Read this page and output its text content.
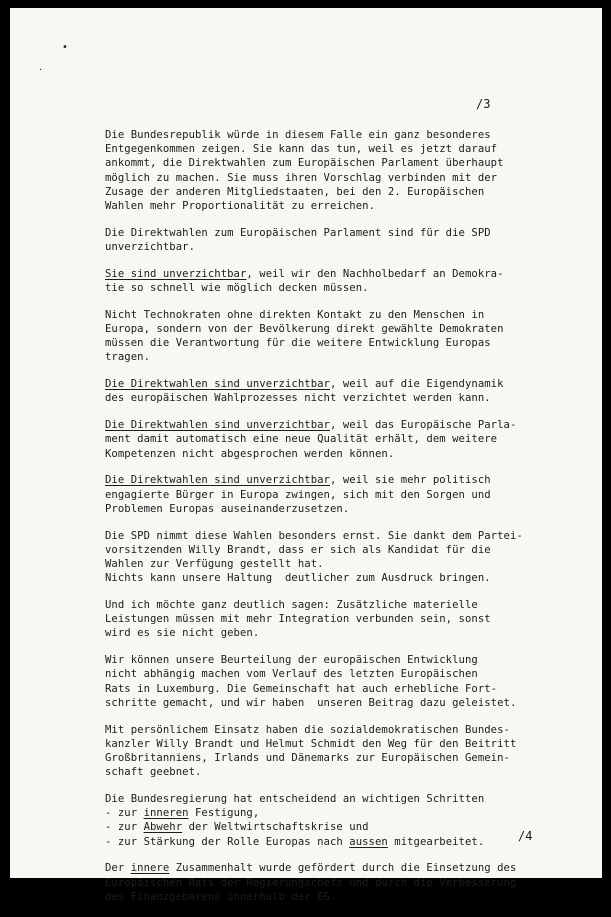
•
·
/3
Die Bundesrepublik würde in diesem Falle ein ganz besonderes
Entgegenkommen zeigen. Sie kann das tun, weil es jetzt darauf
ankommt, die Direktwahlen zum Europäischen Parlament überhaupt
möglich zu machen. Sie muss ihren Vorschlag verbinden mit der
Zusage der anderen Mitgliedstaaten, bei den 2. Europäischen
Wahlen mehr Proportionalität zu erreichen.
Die Direktwahlen zum Europäischen Parlament sind für die SPD
unverzichtbar.
Sie sind unverzichtbar, weil wir den Nachholbedarf an Demokra-
tie so schnell wie möglich decken müssen.
Nicht Technokraten ohne direkten Kontakt zu den Menschen in
Europa, sondern von der Bevölkerung direkt gewählte Demokraten
müssen die Verantwortung für die weitere Entwicklung Europas
tragen.
Die Direktwahlen sind unverzichtbar, weil auf die Eigendynamik
des europäischen Wahlprozesses nicht verzichtet werden kann.
Die Direktwahlen sind unverzichtbar, weil das Europäische Parla-
ment damit automatisch eine neue Qualität erhält, dem weitere
Kompetenzen nicht abgesprochen werden können.
Die Direktwahlen sind unverzichtbar, weil sie mehr politisch
engagierte Bürger in Europa zwingen, sich mit den Sorgen und
Problemen Europas auseinanderzusetzen.
Die SPD nimmt diese Wahlen besonders ernst. Sie dankt dem Partei-
vorsitzenden Willy Brandt, dass er sich als Kandidat für die
Wahlen zur Verfügung gestellt hat.
Nichts kann unsere Haltung  deutlicher zum Ausdruck bringen.
Und ich möchte ganz deutlich sagen: Zusätzliche materielle
Leistungen müssen mit mehr Integration verbunden sein, sonst
wird es sie nicht geben.
Wir können unsere Beurteilung der europäischen Entwicklung
nicht abhängig machen vom Verlauf des letzten Europäischen
Rats in Luxemburg. Die Gemeinschaft hat auch erhebliche Fort-
schritte gemacht, und wir haben  unseren Beitrag dazu geleistet.
Mit persönlichem Einsatz haben die sozialdemokratischen Bundes-
kanzler Willy Brandt und Helmut Schmidt den Weg für den Beitritt
Großbritanniens, Irlands und Dänemarks zur Europäischen Gemein-
schaft geebnet.
Die Bundesregierung hat entscheidend an wichtigen Schritten
- zur inneren Festigung,
- zur Abwehr der Weltwirtschaftskrise und
- zur Stärkung der Rolle Europas nach aussen mitgearbeitet.
Der innere Zusammenhalt wurde gefördert durch die Einsetzung des
Europäischen Rats der Regierungschefs und durch die Verbesserung
des Finanzgebarens innerhalb der EG.
/4
